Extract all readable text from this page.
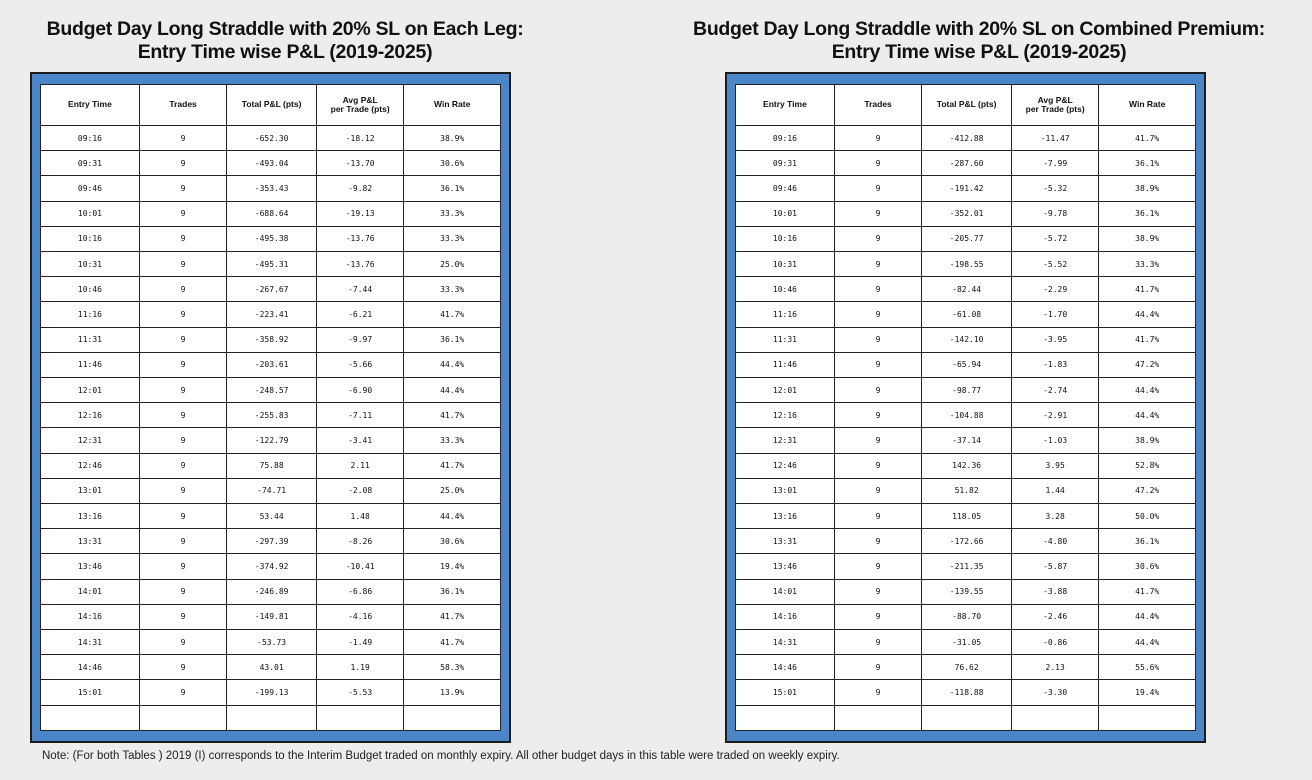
Budget Day Long Straddle with 20% SL on Each Leg:
Entry Time wise P&L (2019-2025)
Budget Day Long Straddle with 20% SL on Combined Premium:
Entry Time wise P&L (2019-2025)
Entry Time	Trades	Total P&L (pts)	Avg P&L
per Trade (pts)	Win Rate
09:16	9	-652.30	-18.12	38.9%
09:31	9	-493.04	-13.70	30.6%
09:46	9	-353.43	-9.82	36.1%
10:01	9	-688.64	-19.13	33.3%
10:16	9	-495.38	-13.76	33.3%
10:31	9	-495.31	-13.76	25.0%
10:46	9	-267.67	-7.44	33.3%
11:16	9	-223.41	-6.21	41.7%
11:31	9	-358.92	-9.97	36.1%
11:46	9	-203.61	-5.66	44.4%
12:01	9	-248.57	-6.90	44.4%
12:16	9	-255.83	-7.11	41.7%
12:31	9	-122.79	-3.41	33.3%
12:46	9	75.88	2.11	41.7%
13:01	9	-74.71	-2.08	25.0%
13:16	9	53.44	1.48	44.4%
13:31	9	-297.39	-8.26	30.6%
13:46	9	-374.92	-10.41	19.4%
14:01	9	-246.89	-6.86	36.1%
14:16	9	-149.81	-4.16	41.7%
14:31	9	-53.73	-1.49	41.7%
14:46	9	43.01	1.19	58.3%
15:01	9	-199.13	-5.53	13.9%

Entry Time	Trades	Total P&L (pts)	Avg P&L
per Trade (pts)	Win Rate
09:16	9	-412.88	-11.47	41.7%
09:31	9	-287.60	-7.99	36.1%
09:46	9	-191.42	-5.32	38.9%
10:01	9	-352.01	-9.78	36.1%
10:16	9	-205.77	-5.72	38.9%
10:31	9	-198.55	-5.52	33.3%
10:46	9	-82.44	-2.29	41.7%
11:16	9	-61.08	-1.70	44.4%
11:31	9	-142.10	-3.95	41.7%
11:46	9	-65.94	-1.83	47.2%
12:01	9	-98.77	-2.74	44.4%
12:16	9	-104.88	-2.91	44.4%
12:31	9	-37.14	-1.03	38.9%
12:46	9	142.36	3.95	52.8%
13:01	9	51.82	1.44	47.2%
13:16	9	118.05	3.28	50.0%
13:31	9	-172.66	-4.80	36.1%
13:46	9	-211.35	-5.87	30.6%
14:01	9	-139.55	-3.88	41.7%
14:16	9	-88.70	-2.46	44.4%
14:31	9	-31.05	-0.86	44.4%
14:46	9	76.62	2.13	55.6%
15:01	9	-118.88	-3.30	19.4%

Note: (For both Tables ) 2019 (I) corresponds to the Interim Budget traded on monthly expiry. All other budget days in this table were traded on weekly expiry.
